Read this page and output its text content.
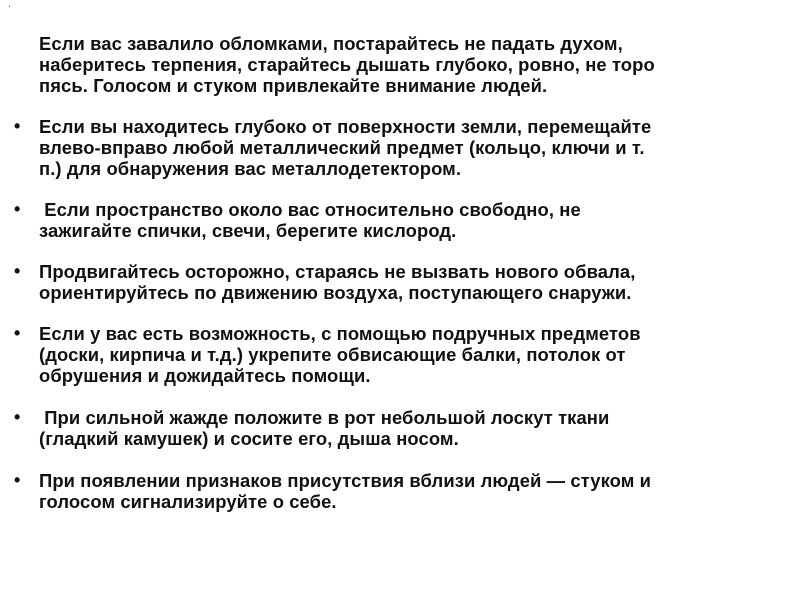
·
Если вас завалило обломками, постарайтесь не падать духом,
наберитесь терпения, старайтесь дышать глубоко, ровно, не торо
пясь. Голосом и стуком привлекайте внимание людей.
• Если вы находитесь глубоко от поверхности земли, перемещайте
влево-вправо любой металлический предмет (кольцо, ключи и т.
п.) для обнаружения вас металлодетектором.
• Если пространство около вас относительно свободно, не
зажигайте спички, свечи, берегите кислород.
• Продвигайтесь осторожно, стараясь не вызвать нового обвала,
ориентируйтесь по движению воздуха, поступающего снаружи.
• Если у вас есть возможность, с помощью подручных предметов
(доски, кирпича и т.д.) укрепите обвисающие балки, потолок от
обрушения и дожидайтесь помощи.
• При сильной жажде положите в рот небольшой лоскут ткани
(гладкий камушек) и сосите его, дыша носом.
• При появлении признаков присутствия вблизи людей — стуком и
голосом сигнализируйте о себе.
